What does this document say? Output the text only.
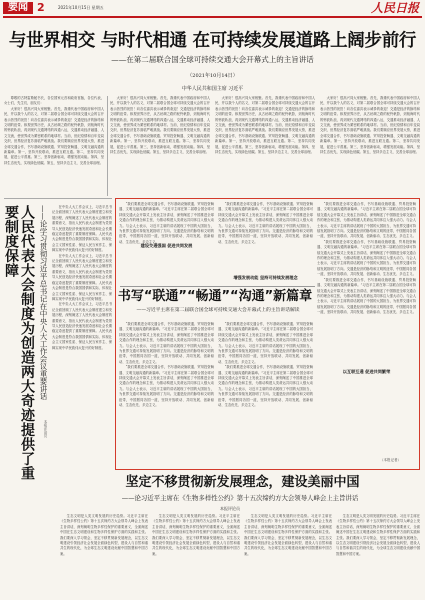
要闻 2	2021年10月15日 星期五	人民日报
与世界相交 与时代相通 在可持续发展道路上阔步前行
——在第二届联合国全球可持续交通大会开幕式上的主旨讲话
（2021年10月14日）
中华人民共和国主席 习近平

尊敬的古特雷斯秘书长，各位国家元首和政府首脑，各位代表，女士们，先生们，朋友们：

大家好！很高兴同大家相聚。首先，我谨代表中国政府和中国人民，并以我个人的名义，对第二届联合国全球可持续交通大会的召开表示热烈的祝贺！向各位嘉宾表示诚挚的欢迎！交通是经济的脉络和文明的纽带。纵观世界历史，从古丝绸之路的驼铃帆影，到航海时代的劈波斩浪，再到现代交通网络的四通八达，交通推动经济融通、人文交流，使世界成为紧密联系的地球村。当前，世纪疫情和百年变局交织，世界经济复苏面临严峻挑战。我们要顺应世界发展大势，推进全球交通合作，书写基础设施联通、贸易投资畅通、文明交融沟通的新篇章。第一，坚持开放联动，推进互联互通。第二，坚持共同发展，促进公平普惠。第三，坚持创新驱动，增强发展动能。第四，坚持生态优先，实现绿色低碳。第五，坚持多边主义，完善全球治理。

大家好！很高兴同大家相聚。首先，我谨代表中国政府和中国人民，并以我个人的名义，对第二届联合国全球可持续交通大会的召开表示热烈的祝贺！向各位嘉宾表示诚挚的欢迎！交通是经济的脉络和文明的纽带。纵观世界历史，从古丝绸之路的驼铃帆影，到航海时代的劈波斩浪，再到现代交通网络的四通八达，交通推动经济融通、人文交流，使世界成为紧密联系的地球村。当前，世纪疫情和百年变局交织，世界经济复苏面临严峻挑战。我们要顺应世界发展大势，推进全球交通合作，书写基础设施联通、贸易投资畅通、文明交融沟通的新篇章。第一，坚持开放联动，推进互联互通。第二，坚持共同发展，促进公平普惠。第三，坚持创新驱动，增强发展动能。第四，坚持生态优先，实现绿色低碳。第五，坚持多边主义，完善全球治理。

大家好！很高兴同大家相聚。首先，我谨代表中国政府和中国人民，并以我个人的名义，对第二届联合国全球可持续交通大会的召开表示热烈的祝贺！向各位嘉宾表示诚挚的欢迎！交通是经济的脉络和文明的纽带。纵观世界历史，从古丝绸之路的驼铃帆影，到航海时代的劈波斩浪，再到现代交通网络的四通八达，交通推动经济融通、人文交流，使世界成为紧密联系的地球村。当前，世纪疫情和百年变局交织，世界经济复苏面临严峻挑战。我们要顺应世界发展大势，推进全球交通合作，书写基础设施联通、贸易投资畅通、文明交融沟通的新篇章。第一，坚持开放联动，推进互联互通。第二，坚持共同发展，促进公平普惠。第三，坚持创新驱动，增强发展动能。第四，坚持生态优先，实现绿色低碳。第五，坚持多边主义，完善全球治理。

大家好！很高兴同大家相聚。首先，我谨代表中国政府和中国人民，并以我个人的名义，对第二届联合国全球可持续交通大会的召开表示热烈的祝贺！向各位嘉宾表示诚挚的欢迎！交通是经济的脉络和文明的纽带。纵观世界历史，从古丝绸之路的驼铃帆影，到航海时代的劈波斩浪，再到现代交通网络的四通八达，交通推动经济融通、人文交流，使世界成为紧密联系的地球村。当前，世纪疫情和百年变局交织，世界经济复苏面临严峻挑战。我们要顺应世界发展大势，推进全球交通合作，书写基础设施联通、贸易投资畅通、文明交融沟通的新篇章。第一，坚持开放联动，推进互联互通。第二，坚持共同发展，促进公平普惠。第三，坚持创新驱动，增强发展动能。第四，坚持生态优先，实现绿色低碳。第五，坚持多边主义，完善全球治理。

人民代表大会制度为创造两大奇迹提供了重要制度保障	——论学习贯彻习近平总书记在中央人大工作会议重要讲话
本报评论员

在中央人大工作会议上，习近平总书记全面回顾了人民代表大会制度建立和发展历程，深刻阐述了人民代表大会制度的重要意义，指出人民代表大会制度为党领导人民创造经济快速发展奇迹和社会长期稳定奇迹提供了重要制度保障。人民代表大会制度是符合我国国情和实际、体现社会主义国家性质、保证人民当家作主、保障实现中华民族伟大复兴的好制度。

在中央人大工作会议上，习近平总书记全面回顾了人民代表大会制度建立和发展历程，深刻阐述了人民代表大会制度的重要意义，指出人民代表大会制度为党领导人民创造经济快速发展奇迹和社会长期稳定奇迹提供了重要制度保障。人民代表大会制度是符合我国国情和实际、体现社会主义国家性质、保证人民当家作主、保障实现中华民族伟大复兴的好制度。

在中央人大工作会议上，习近平总书记全面回顾了人民代表大会制度建立和发展历程，深刻阐述了人民代表大会制度的重要意义，指出人民代表大会制度为党领导人民创造经济快速发展奇迹和社会长期稳定奇迹提供了重要制度保障。人民代表大会制度是符合我国国情和实际、体现社会主义国家性质、保证人民当家作主、保障实现中华民族伟大复兴的好制度。

“我们要推进全球交通合作，书写基础设施联通、贸易投资畅通、文明交融沟通的新篇章。”习近平主席在第二届联合国全球可持续交通大会开幕式上发表主旨讲话，深刻阐述了中国推进全球交通合作的理念和主张，为推动构建人类命运共同体注入强大动力。与会人士表示，习近平主席的讲话展现了中国的大国担当，为世界交通可持续发展指明了方向。交通是经济的脉络和文明的纽带，中国愿同各国一道，坚持开放联动、共同发展、创新驱动、生态优先、多边主义。

“我们要推进全球交通合作，书写基础设施联通、贸易投资畅通、文明交融沟通的新篇章。”习近平主席在第二届联合国全球可持续交通大会开幕式上发表主旨讲话，深刻阐述了中国推进全球交通合作的理念和主张，为推动构建人类命运共同体注入强大动力。与会人士表示，习近平主席的讲话展现了中国的大国担当，为世界交通可持续发展指明了方向。交通是经济的脉络和文明的纽带，中国愿同各国一道，坚持开放联动、共同发展、创新驱动、生态优先、多边主义。

建设交通强国 促进共同发展
增强发展动能 坚持可持续发展理念

“我们要推进全球交通合作，书写基础设施联通、贸易投资畅通、文明交融沟通的新篇章。”习近平主席在第二届联合国全球可持续交通大会开幕式上发表主旨讲话，深刻阐述了中国推进全球交通合作的理念和主张，为推动构建人类命运共同体注入强大动力。与会人士表示，习近平主席的讲话展现了中国的大国担当，为世界交通可持续发展指明了方向。交通是经济的脉络和文明的纽带，中国愿同各国一道，坚持开放联动、共同发展、创新驱动、生态优先、多边主义。

“我们要推进全球交通合作，书写基础设施联通、贸易投资畅通、文明交融沟通的新篇章。”习近平主席在第二届联合国全球可持续交通大会开幕式上发表主旨讲话，深刻阐述了中国推进全球交通合作的理念和主张，为推动构建人类命运共同体注入强大动力。与会人士表示，习近平主席的讲话展现了中国的大国担当，为世界交通可持续发展指明了方向。交通是经济的脉络和文明的纽带，中国愿同各国一道，坚持开放联动、共同发展、创新驱动、生态优先、多边主义。

“我们要推进全球交通合作，书写基础设施联通、贸易投资畅通、文明交融沟通的新篇章。”习近平主席在第二届联合国全球可持续交通大会开幕式上发表主旨讲话，深刻阐述了中国推进全球交通合作的理念和主张，为推动构建人类命运共同体注入强大动力。与会人士表示，习近平主席的讲话展现了中国的大国担当，为世界交通可持续发展指明了方向。交通是经济的脉络和文明的纽带，中国愿同各国一道，坚持开放联动、共同发展、创新驱动、生态优先、多边主义。

书写“联通”“畅通”“沟通”新篇章
——习近平主席在第二届联合国全球可持续交通大会开幕式上的主旨讲话解读
以互联互通 促进共同繁荣

“我们要推进全球交通合作，书写基础设施联通、贸易投资畅通、文明交融沟通的新篇章。”习近平主席在第二届联合国全球可持续交通大会开幕式上发表主旨讲话，深刻阐述了中国推进全球交通合作的理念和主张，为推动构建人类命运共同体注入强大动力。与会人士表示，习近平主席的讲话展现了中国的大国担当，为世界交通可持续发展指明了方向。交通是经济的脉络和文明的纽带，中国愿同各国一道，坚持开放联动、共同发展、创新驱动、生态优先、多边主义。

“我们要推进全球交通合作，书写基础设施联通、贸易投资畅通、文明交融沟通的新篇章。”习近平主席在第二届联合国全球可持续交通大会开幕式上发表主旨讲话，深刻阐述了中国推进全球交通合作的理念和主张，为推动构建人类命运共同体注入强大动力。与会人士表示，习近平主席的讲话展现了中国的大国担当，为世界交通可持续发展指明了方向。交通是经济的脉络和文明的纽带，中国愿同各国一道，坚持开放联动、共同发展、创新驱动、生态优先、多边主义。

“我们要推进全球交通合作，书写基础设施联通、贸易投资畅通、文明交融沟通的新篇章。”习近平主席在第二届联合国全球可持续交通大会开幕式上发表主旨讲话，深刻阐述了中国推进全球交通合作的理念和主张，为推动构建人类命运共同体注入强大动力。与会人士表示，习近平主席的讲话展现了中国的大国担当，为世界交通可持续发展指明了方向。交通是经济的脉络和文明的纽带，中国愿同各国一道，坚持开放联动、共同发展、创新驱动、生态优先、多边主义。

“我们要推进全球交通合作，书写基础设施联通、贸易投资畅通、文明交融沟通的新篇章。”习近平主席在第二届联合国全球可持续交通大会开幕式上发表主旨讲话，深刻阐述了中国推进全球交通合作的理念和主张，为推动构建人类命运共同体注入强大动力。与会人士表示，习近平主席的讲话展现了中国的大国担当，为世界交通可持续发展指明了方向。交通是经济的脉络和文明的纽带，中国愿同各国一道，坚持开放联动、共同发展、创新驱动、生态优先、多边主义。

（本报记者）
坚定不移贯彻新发展理念，建设美丽中国
——论习近平主席在《生物多样性公约》第十五次缔约方大会领导人峰会上主旨讲话
本报评论员

生态文明是人类文明发展的历史趋势。习近平主席在《生物多样性公约》第十五次缔约方大会领导人峰会上发表主旨讲话，深刻阐明生物多样性保护的重要意义，全面阐述中国在生态文明建设和生物多样性保护方面的实践和主张。我们要深入学习领会，坚定不移贯彻新发展理念，以生态文明建设引领经济社会发展全面绿色转型，建设人与自然和谐共生的现代化，为全球生态文明建设贡献中国智慧和中国方案。

生态文明是人类文明发展的历史趋势。习近平主席在《生物多样性公约》第十五次缔约方大会领导人峰会上发表主旨讲话，深刻阐明生物多样性保护的重要意义，全面阐述中国在生态文明建设和生物多样性保护方面的实践和主张。我们要深入学习领会，坚定不移贯彻新发展理念，以生态文明建设引领经济社会发展全面绿色转型，建设人与自然和谐共生的现代化，为全球生态文明建设贡献中国智慧和中国方案。

生态文明是人类文明发展的历史趋势。习近平主席在《生物多样性公约》第十五次缔约方大会领导人峰会上发表主旨讲话，深刻阐明生物多样性保护的重要意义，全面阐述中国在生态文明建设和生物多样性保护方面的实践和主张。我们要深入学习领会，坚定不移贯彻新发展理念，以生态文明建设引领经济社会发展全面绿色转型，建设人与自然和谐共生的现代化，为全球生态文明建设贡献中国智慧和中国方案。

生态文明是人类文明发展的历史趋势。习近平主席在《生物多样性公约》第十五次缔约方大会领导人峰会上发表主旨讲话，深刻阐明生物多样性保护的重要意义，全面阐述中国在生态文明建设和生物多样性保护方面的实践和主张。我们要深入学习领会，坚定不移贯彻新发展理念，以生态文明建设引领经济社会发展全面绿色转型，建设人与自然和谐共生的现代化，为全球生态文明建设贡献中国智慧和中国方案。
